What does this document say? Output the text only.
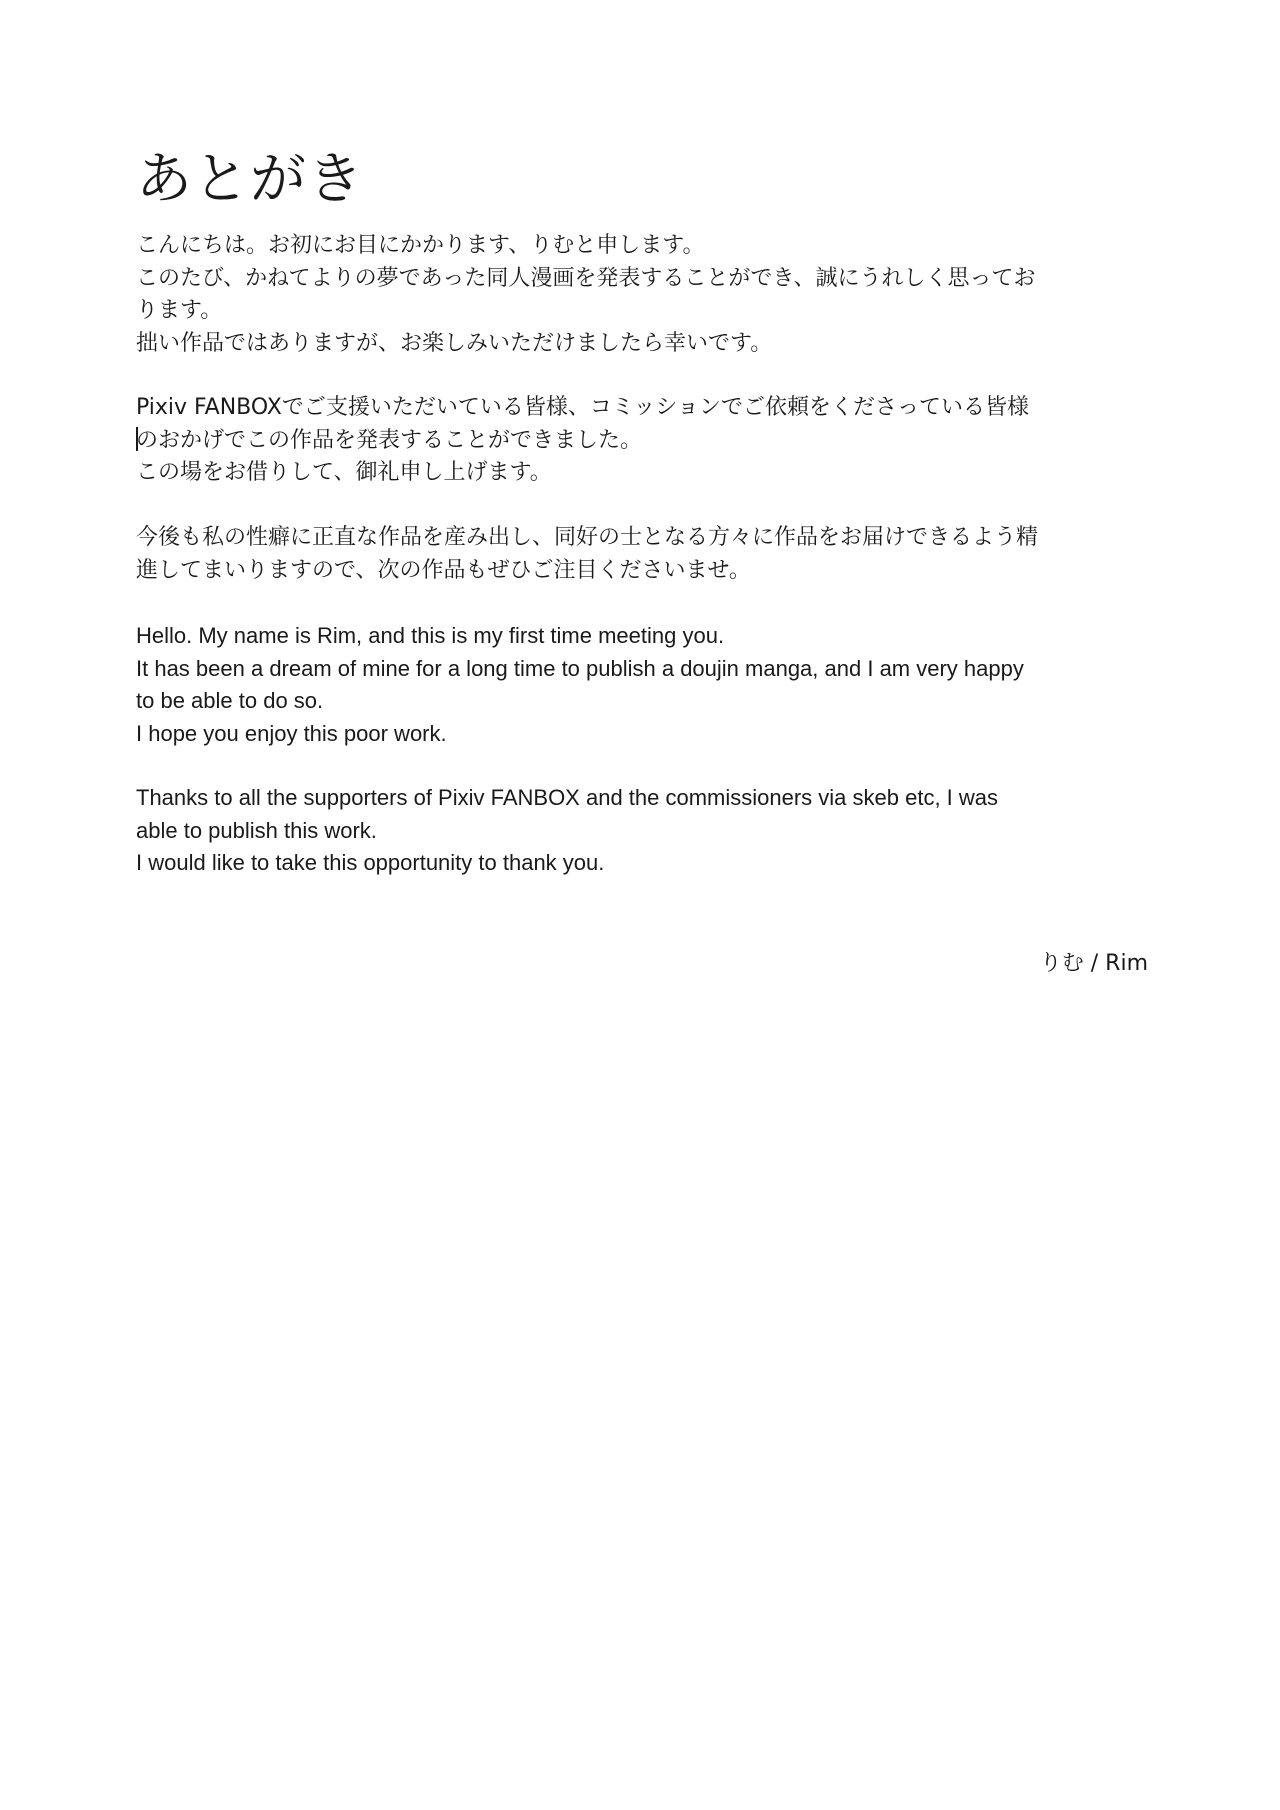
あとがき
こんにちは。お初にお目にかかります、りむと申します。
このたび、かねてよりの夢であった同人漫画を発表することができ、誠にうれしく思ってお
ります。
拙い作品ではありますが、お楽しみいただけましたら幸いです。
Pixiv FANBOXでご支援いただいている皆様、コミッションでご依頼をくださっている皆様
のおかげでこの作品を発表することができました。
この場をお借りして、御礼申し上げます。
今後も私の性癖に正直な作品を産み出し、同好の士となる方々に作品をお届けできるよう精
進してまいりますので、次の作品もぜひご注目くださいませ。
Hello. My name is Rim, and this is my first time meeting you.
It has been a dream of mine for a long time to publish a doujin manga, and I am very happy
to be able to do so.
I hope you enjoy this poor work.
Thanks to all the supporters of Pixiv FANBOX and the commissioners via skeb etc, I was
able to publish this work.
I would like to take this opportunity to thank you.

りむ / Rim
